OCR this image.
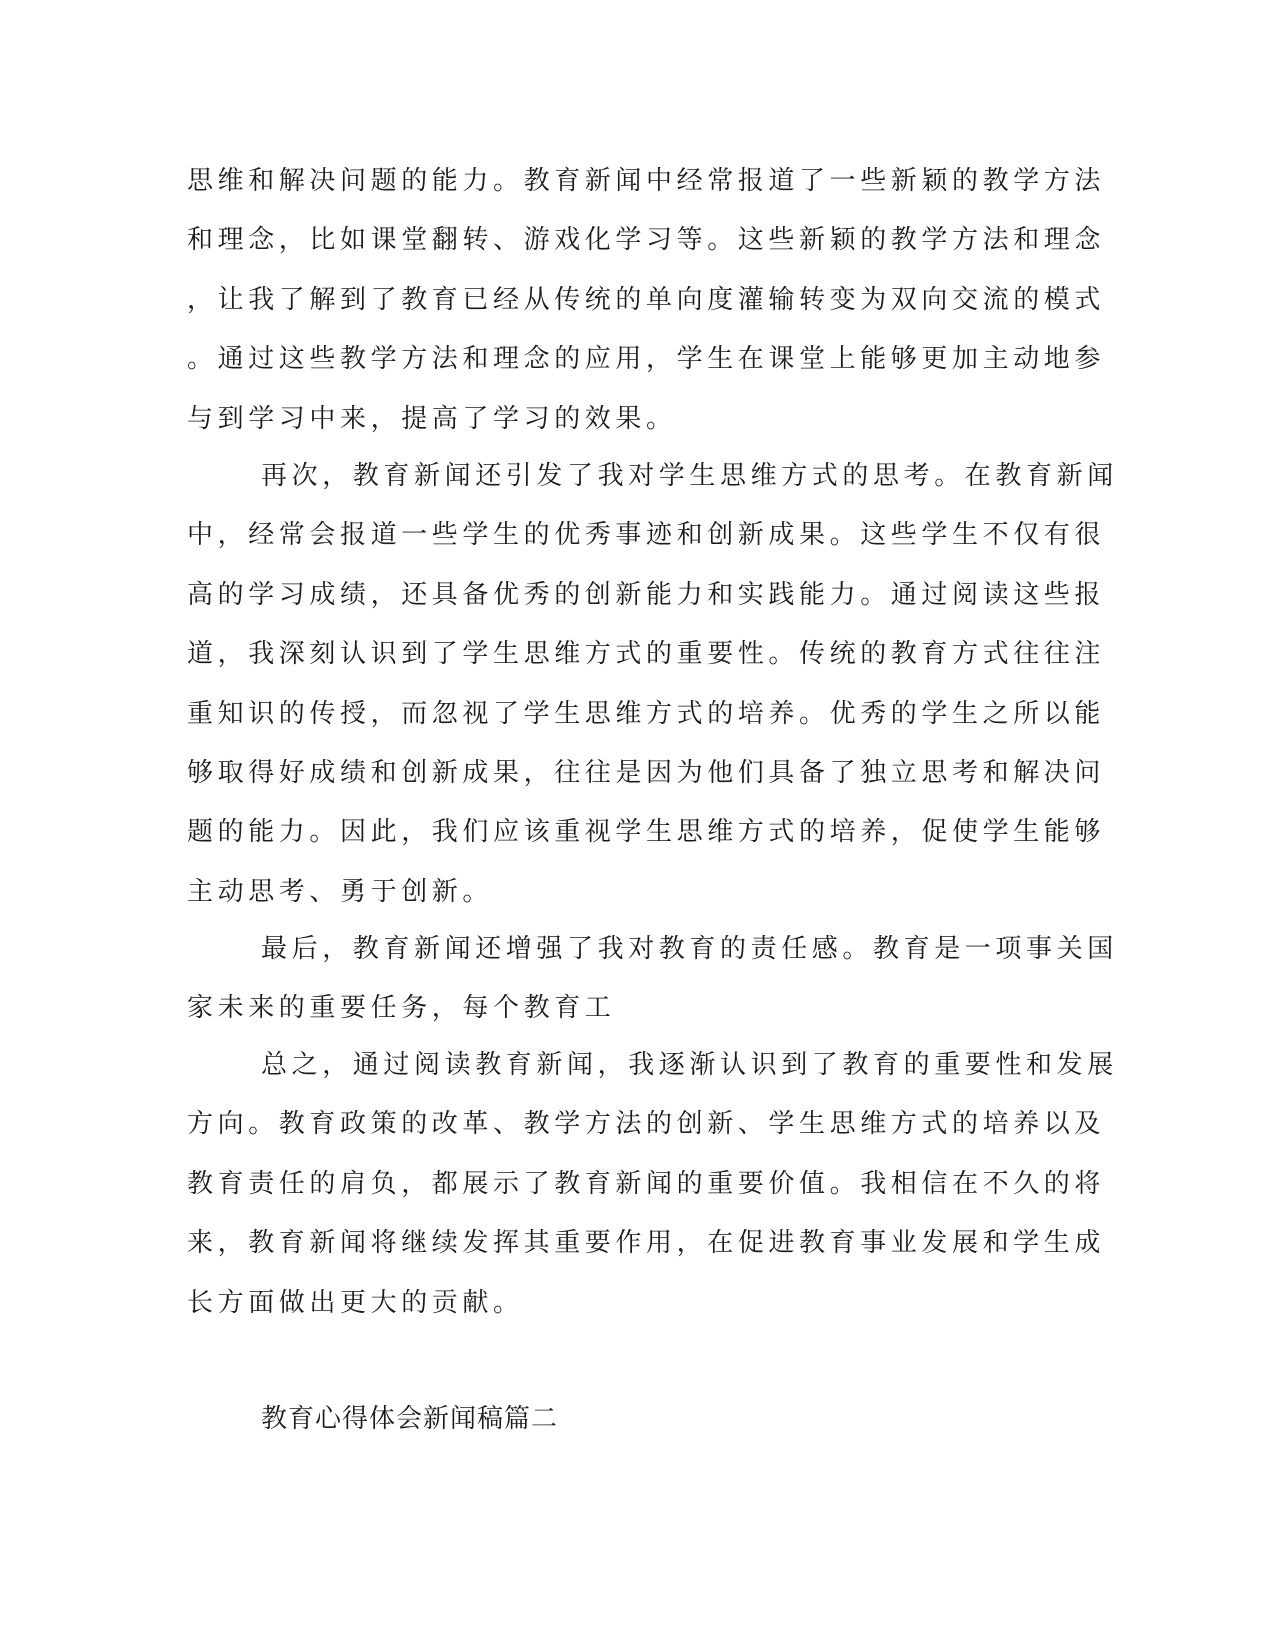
思维和解决问题的能力。教育新闻中经常报道了一些新颖的教学方法
和理念，比如课堂翻转、游戏化学习等。这些新颖的教学方法和理念
，让我了解到了教育已经从传统的单向度灌输转变为双向交流的模式
。通过这些教学方法和理念的应用，学生在课堂上能够更加主动地参
与到学习中来，提高了学习的效果。
再次，教育新闻还引发了我对学生思维方式的思考。在教育新闻
中，经常会报道一些学生的优秀事迹和创新成果。这些学生不仅有很
高的学习成绩，还具备优秀的创新能力和实践能力。通过阅读这些报
道，我深刻认识到了学生思维方式的重要性。传统的教育方式往往注
重知识的传授，而忽视了学生思维方式的培养。优秀的学生之所以能
够取得好成绩和创新成果，往往是因为他们具备了独立思考和解决问
题的能力。因此，我们应该重视学生思维方式的培养，促使学生能够
主动思考、勇于创新。
最后，教育新闻还增强了我对教育的责任感。教育是一项事关国
家未来的重要任务，每个教育工
总之，通过阅读教育新闻，我逐渐认识到了教育的重要性和发展
方向。教育政策的改革、教学方法的创新、学生思维方式的培养以及
教育责任的肩负，都展示了教育新闻的重要价值。我相信在不久的将
来，教育新闻将继续发挥其重要作用，在促进教育事业发展和学生成
长方面做出更大的贡献。

教育心得体会新闻稿篇二
